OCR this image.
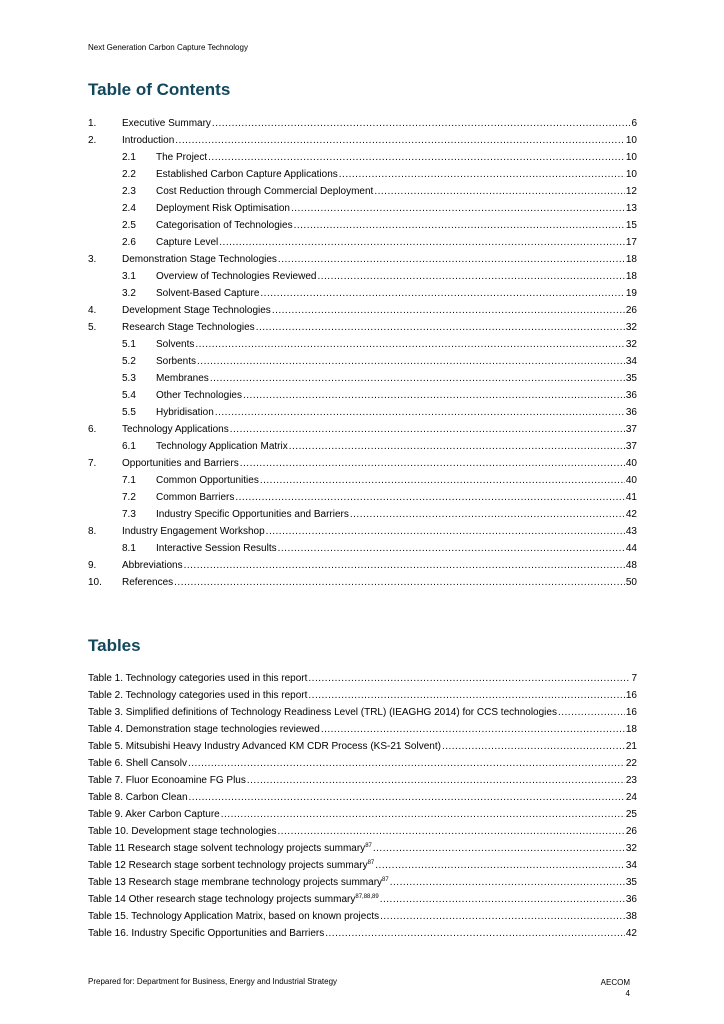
Next Generation Carbon Capture Technology
Table of Contents
1.	Executive Summary .....	6
2.	Introduction .....	10
2.1	The Project .....	10
2.2	Established Carbon Capture Applications .....	10
2.3	Cost Reduction through Commercial Deployment .....	12
2.4	Deployment Risk Optimisation .....	13
2.5	Categorisation of Technologies .....	15
2.6	Capture Level .....	17
3.	Demonstration Stage Technologies .....	18
3.1	Overview of Technologies Reviewed .....	18
3.2	Solvent-Based Capture .....	19
4.	Development Stage Technologies .....	26
5.	Research Stage Technologies .....	32
5.1	Solvents .....	32
5.2	Sorbents .....	34
5.3	Membranes .....	35
5.4	Other Technologies .....	36
5.5	Hybridisation .....	36
6.	Technology Applications .....	37
6.1	Technology Application Matrix .....	37
7.	Opportunities and Barriers .....	40
7.1	Common Opportunities .....	40
7.2	Common Barriers .....	41
7.3	Industry Specific Opportunities and Barriers .....	42
8.	Industry Engagement Workshop .....	43
8.1	Interactive Session Results .....	44
9.	Abbreviations .....	48
10.	References .....	50
Tables
Table 1. Technology categories used in this report .....	7
Table 2. Technology categories used in this report .....	16
Table 3. Simplified definitions of Technology Readiness Level (TRL) (IEAGHG 2014) for CCS technologies .....	16
Table 4. Demonstration stage technologies reviewed .....	18
Table 5. Mitsubishi Heavy Industry Advanced KM CDR Process (KS-21 Solvent) .....	21
Table 6. Shell Cansolv .....	22
Table 7. Fluor Econoamine FG Plus .....	23
Table 8. Carbon Clean .....	24
Table 9. Aker Carbon Capture .....	25
Table 10. Development stage technologies .....	26
Table 11 Research stage solvent technology projects summary$^{87}$ .....	32
Table 12 Research stage sorbent technology projects summary$^{87}$ .....	34
Table 13 Research stage membrane technology projects summary$^{87}$ .....	35
Table 14 Other research stage technology projects summary$^{87,88,89}$ .....	36
Table 15. Technology Application Matrix, based on known projects .....	38
Table 16. Industry Specific Opportunities and Barriers .....	42
Prepared for: Department for Business, Energy and Industrial Strategy	AECOM
4
